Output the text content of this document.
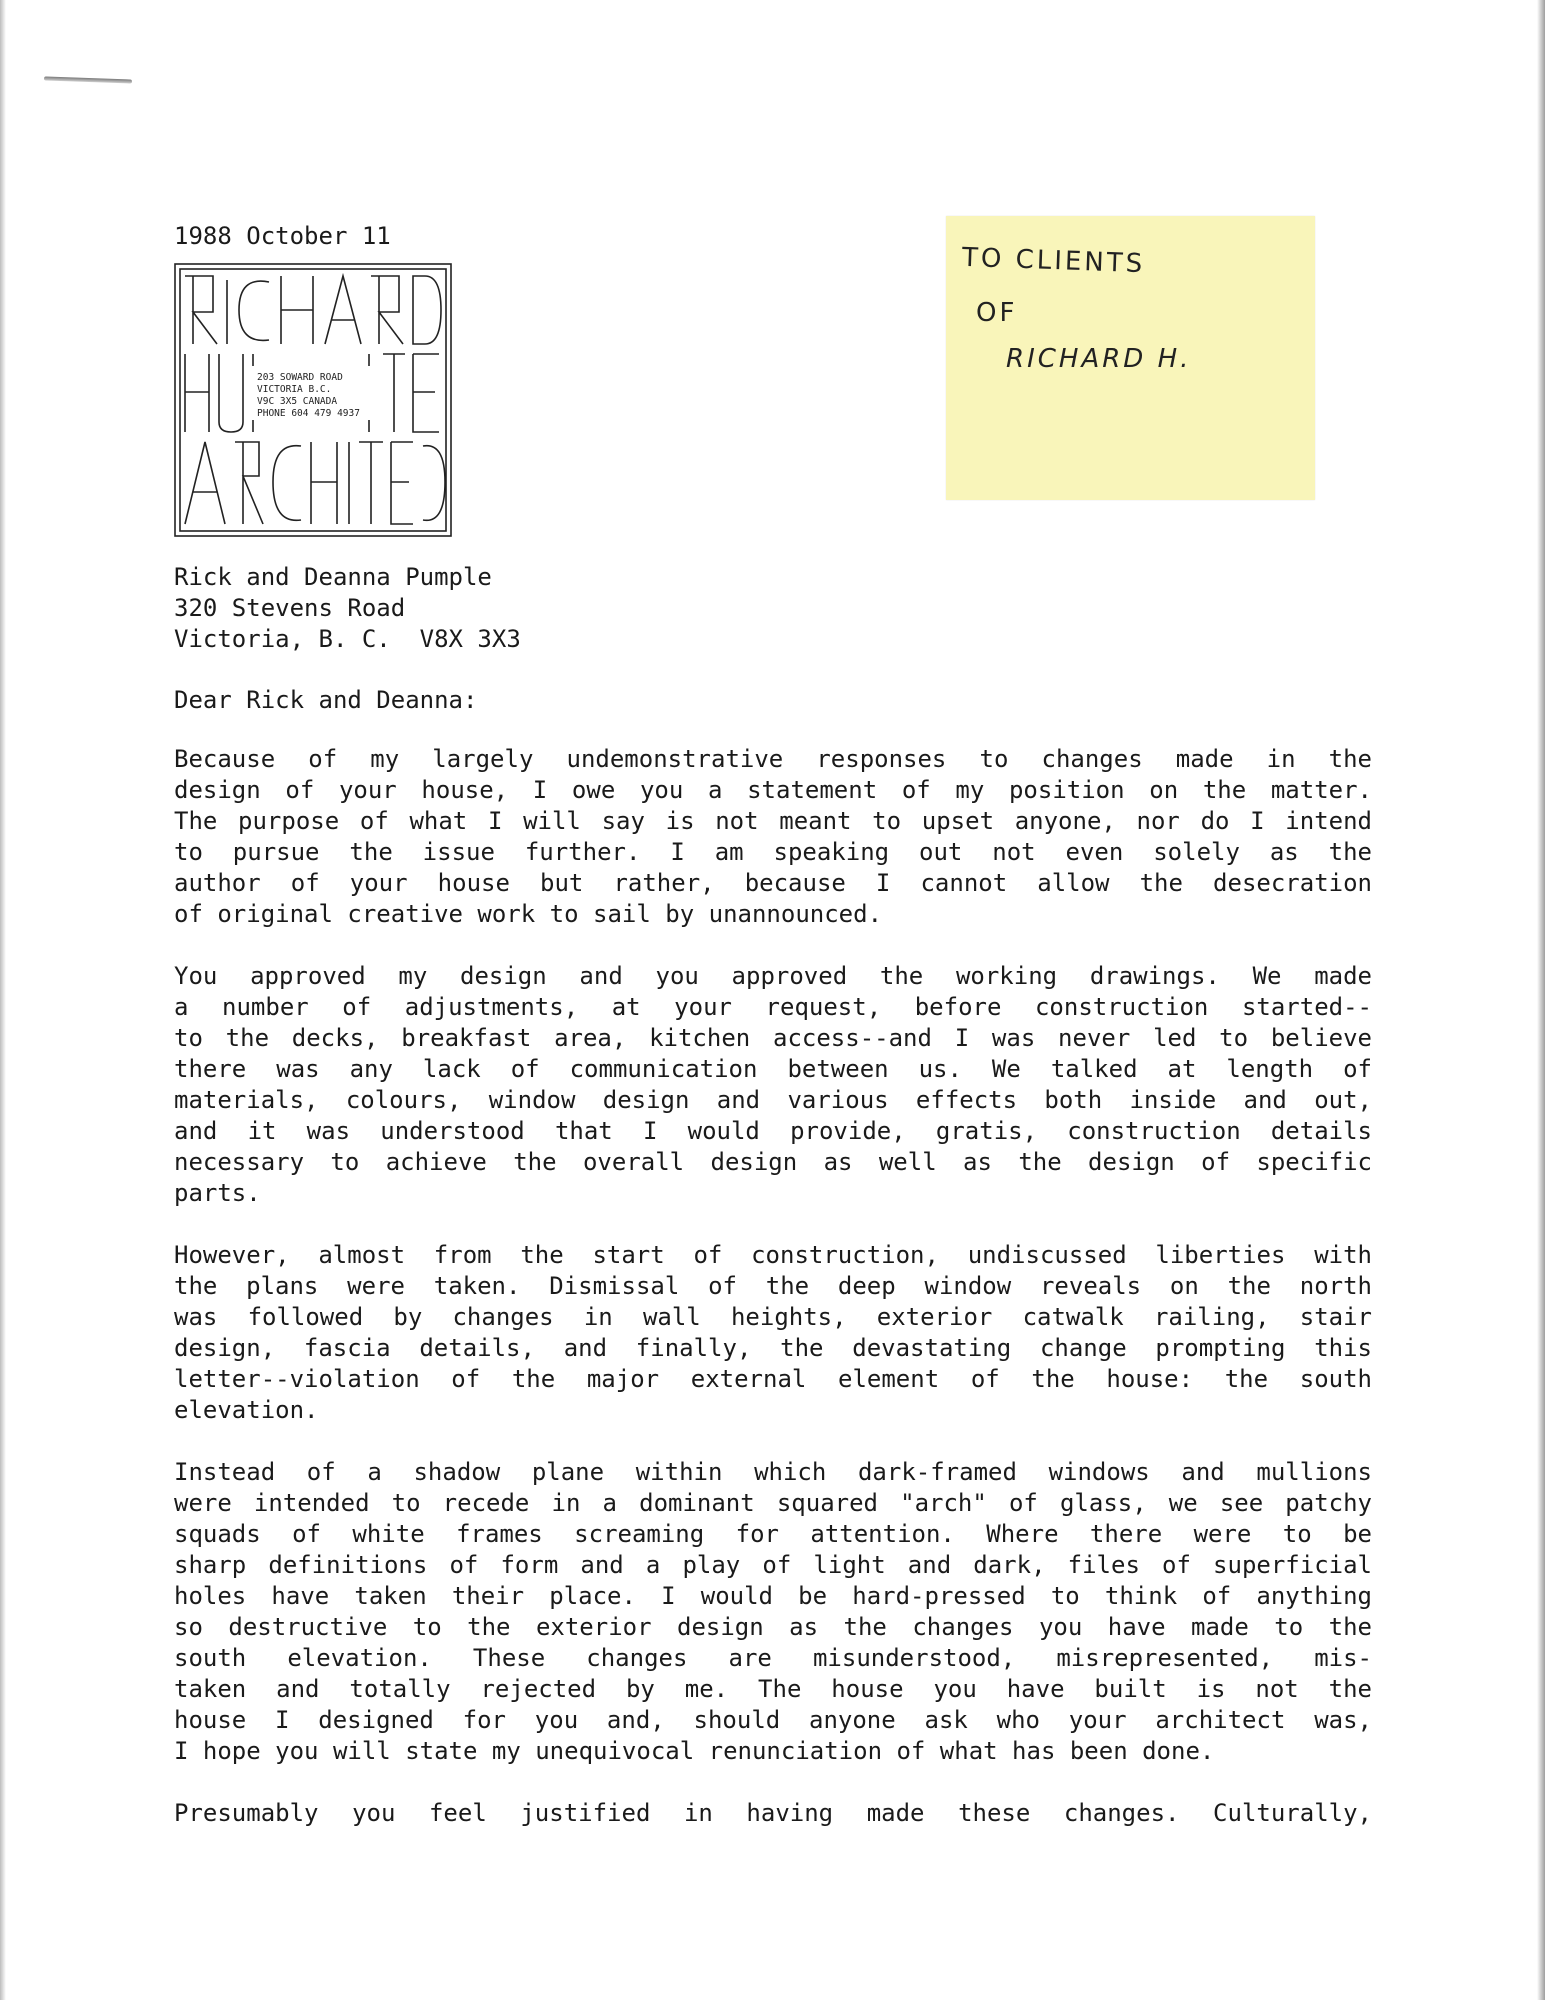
1988 October 11
203 SOWARD ROAD
VICTORIA B.C.
V9C 3X5 CANADA
PHONE 604 479 4937
TO CLIENTS
OF
RICHARD H.
Rick and Deanna Pumple
320 Stevens Road
Victoria, B. C.  V8X 3X3
Dear Rick and Deanna:
Because of my largely undemonstrative responses to changes made in the
design of your house, I owe you a statement of my position on the matter.
The purpose of what I will say is not meant to upset anyone, nor do I intend
to pursue the issue further. I am speaking out not even solely as the
author of your house but rather, because I cannot allow the desecration
of original creative work to sail by unannounced.
You approved my design and you approved the working drawings. We made
a number of adjustments, at your request, before construction started--
to the decks, breakfast area, kitchen access--and I was never led to believe
there was any lack of communication between us. We talked at length of
materials, colours, window design and various effects both inside and out,
and it was understood that I would provide, gratis, construction details
necessary to achieve the overall design as well as the design of specific
parts.
However, almost from the start of construction, undiscussed liberties with
the plans were taken. Dismissal of the deep window reveals on the north
was followed by changes in wall heights, exterior catwalk railing, stair
design, fascia details, and finally, the devastating change prompting this
letter--violation of the major external element of the house: the south
elevation.
Instead of a shadow plane within which dark-framed windows and mullions
were intended to recede in a dominant squared "arch" of glass, we see patchy
squads of white frames screaming for attention. Where there were to be
sharp definitions of form and a play of light and dark, files of superficial
holes have taken their place. I would be hard-pressed to think of anything
so destructive to the exterior design as the changes you have made to the
south elevation. These changes are misunderstood, misrepresented, mis-
taken and totally rejected by me. The house you have built is not the
house I designed for you and, should anyone ask who your architect was,
I hope you will state my unequivocal renunciation of what has been done.
Presumably you feel justified in having made these changes. Culturally,
